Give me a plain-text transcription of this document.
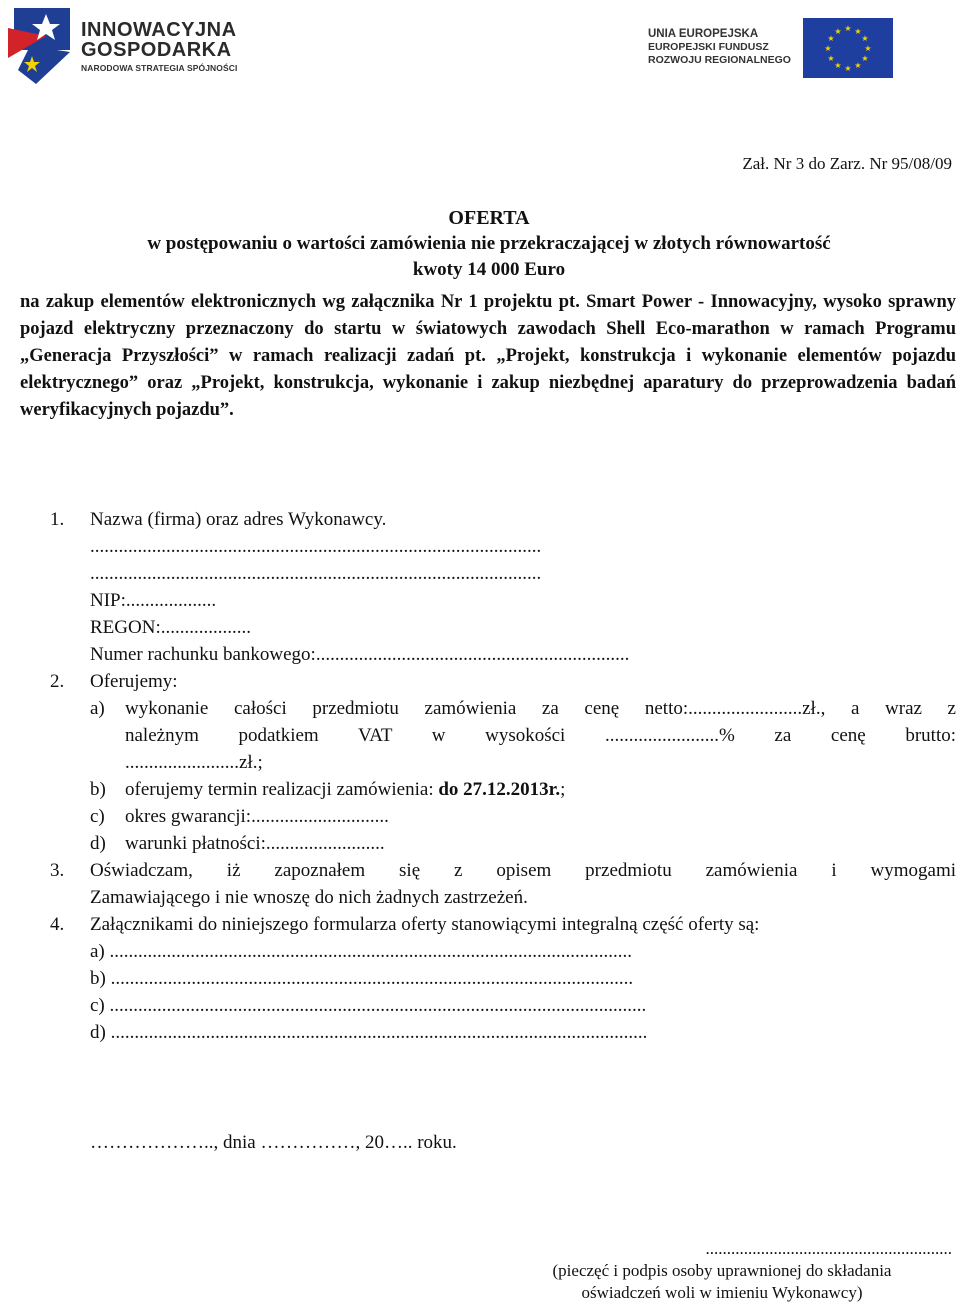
INNOWACYJNA
GOSPODARKA
NARODOWA STRATEGIA SPÓJNOŚCI
UNIA EUROPEJSKA
EUROPEJSKI FUNDUSZ
ROZWOJU REGIONALNEGO
★ ★
★
★
★
★
★
★
★
★
★
★
Zał. Nr 3 do Zarz. Nr 95/08/09
OFERTA
w postępowaniu o wartości zamówienia nie przekraczającej w złotych równowartość
kwoty 14 000 Euro
na zakup elementów elektronicznych wg załącznika Nr 1 projektu pt. Smart Power - Innowacyjny, wysoko sprawny pojazd elektryczny przeznaczony do startu w światowych zawodach Shell Eco-marathon w ramach Programu „Generacja Przyszłości” w ramach realizacji zadań pt. „Projekt, konstrukcja i wykonanie elementów pojazdu elektrycznego” oraz „Projekt, konstrukcja, wykonanie i zakup niezbędnej aparatury do przeprowadzenia badań weryfikacyjnych pojazdu”.
1. Nazwa (firma) oraz adres Wykonawcy.
...............................................................................................
...............................................................................................
NIP:...................
REGON:...................
Numer rachunku bankowego:..................................................................
2. Oferujemy:
a) wykonanie całości przedmiotu zamówienia za cenę netto:........................zł., a wraz z
należnym podatkiem VAT w wysokości ........................% za cenę brutto:
........................zł.;
b) oferujemy termin realizacji zamówienia: do 27.12.2013r.;
c) okres gwarancji:.............................
d) warunki płatności:.........................
3. Oświadczam, iż zapoznałem się z opisem przedmiotu zamówienia i wymogami
Zamawiającego i nie wnoszę do nich żadnych zastrzeżeń.
4. Załącznikami do niniejszego formularza oferty stanowiącymi integralną część oferty są:
a) ..............................................................................................................
b) ..............................................................................................................
c) .................................................................................................................
d) .................................................................................................................
……………….., dnia ……………, 20….. roku.
..........................................................
(pieczęć i podpis osoby uprawnionej do składania
oświadczeń woli w imieniu Wykonawcy)
